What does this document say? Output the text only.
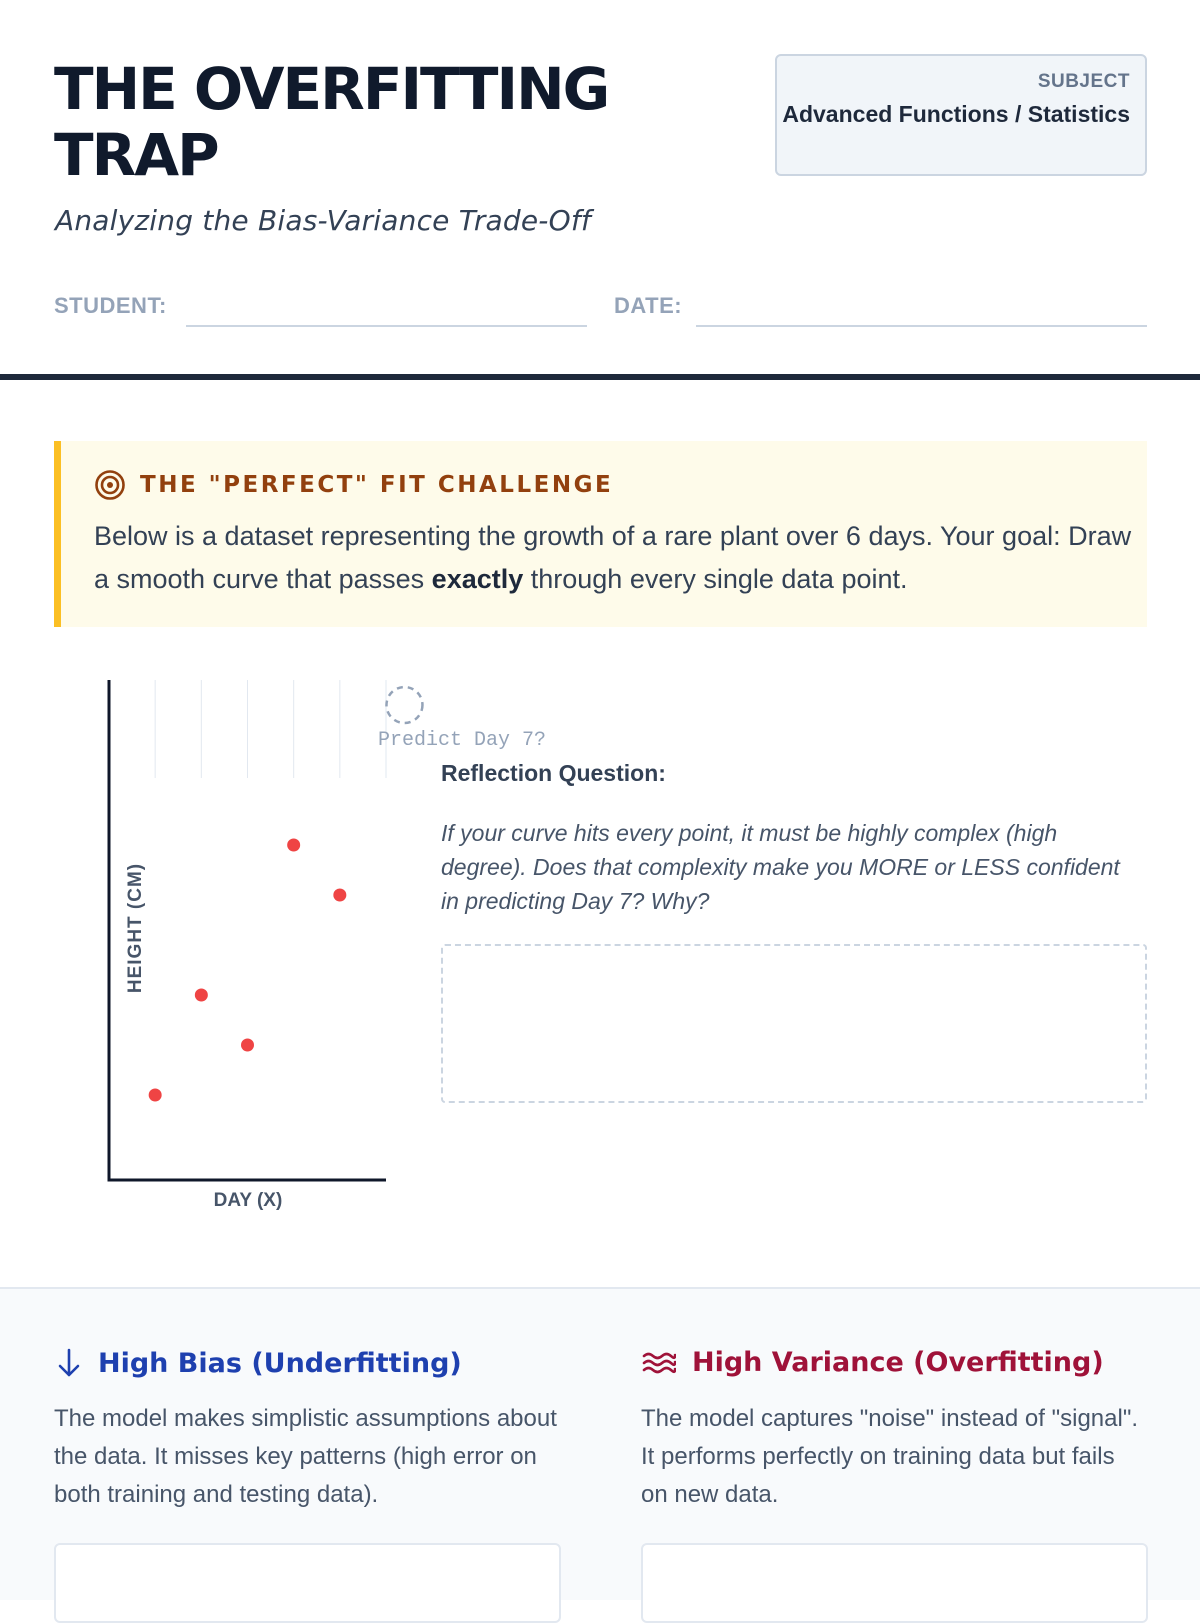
THE OVERFITTING TRAP
Analyzing the Bias-Variance Trade-Off
SUBJECT
Advanced Functions / Statistics
STUDENT:	DATE:
THE "PERFECT" FIT CHALLENGE
Below is a dataset representing the growth of a rare plant over 6 days. Your goal: Draw a smooth curve that passes exactly through every single data point.
HEIGHT (CM)
DAY (X)
Predict Day 7?
Reflection Question:
If your curve hits every point, it must be highly complex (high degree). Does that complexity make you MORE or LESS confident in predicting Day 7? Why?
High Bias (Underfitting)
The model makes simplistic assumptions about the data. It misses key patterns (high error on both training and testing data).
High Variance (Overfitting)
The model captures "noise" instead of "signal". It performs perfectly on training data but fails on new data.
